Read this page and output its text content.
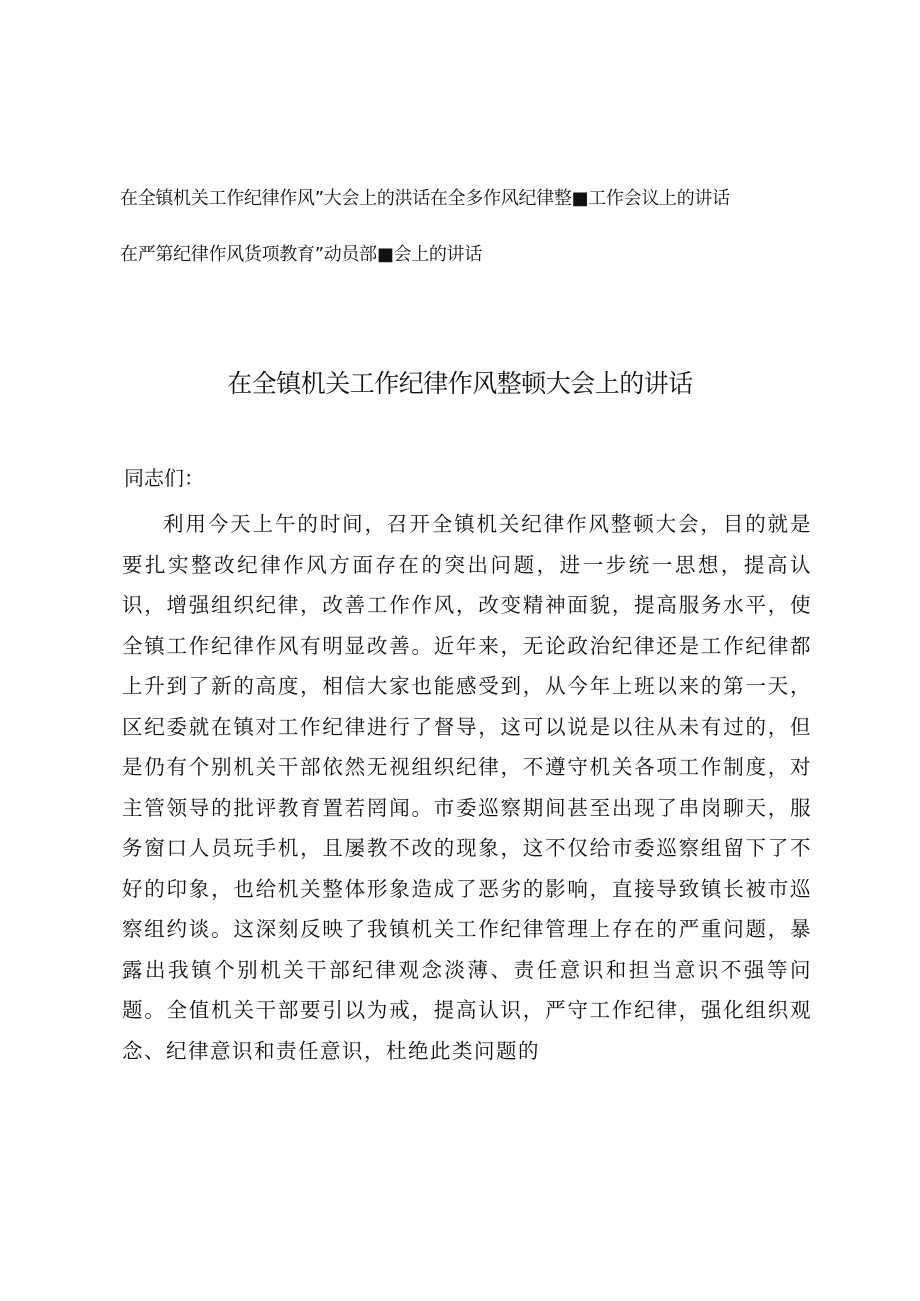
在全镇机关工作纪律作风”大会上的洪话在全多作风纪律整■工作会议上的讲话
在严第纪律作风货项教育”动员部■会上的讲话
在全镇机关工作纪律作风整顿大会上的讲话
同志们：
利用今天上午的时间，召开全镇机关纪律作风整顿大会，目的就是要扎实整改纪律作风方面存在的突出问题，进一步统一思想，提高认识，增强组织纪律，改善工作作风，改变精神面貌，提高服务水平，使全镇工作纪律作风有明显改善。近年来，无论政治纪律还是工作纪律都上升到了新的高度，相信大家也能感受到，从今年上班以来的第一天，区纪委就在镇对工作纪律进行了督导，这可以说是以往从未有过的，但是仍有个别机关干部依然无视组织纪律，不遵守机关各项工作制度，对主管领导的批评教育置若罔闻。市委巡察期间甚至出现了串岗聊天，服务窗口人员玩手机，且屡教不改的现象，这不仅给市委巡察组留下了不好的印象，也给机关整体形象造成了恶劣的影响，直接导致镇长被市巡察组约谈。这深刻反映了我镇机关工作纪律管理上存在的严重问题，暴露出我镇个别机关干部纪律观念淡薄、责任意识和担当意识不强等问题。全值机关干部要引以为戒，提高认识，严守工作纪律，强化组织观念、纪律意识和责任意识，杜绝此类问题的
